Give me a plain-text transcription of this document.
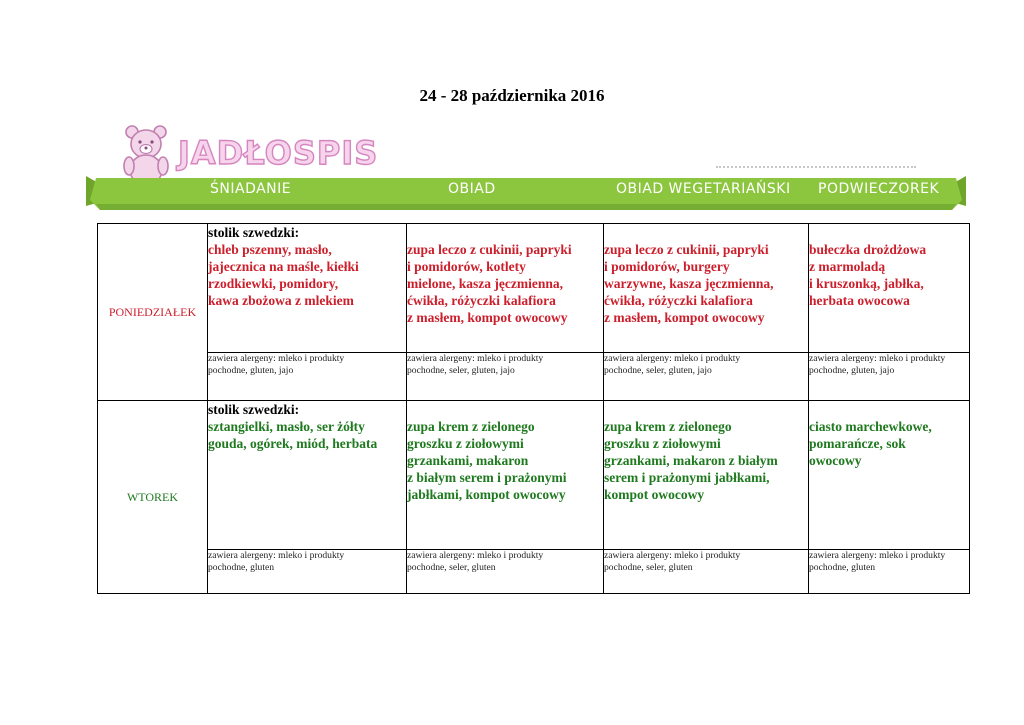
24 - 28 października 2016
JADŁOSPIS
ŚNIADANIE	OBIAD	OBIAD WEGETARIAŃSKI PODWIECZOREK
PONIEDZIAŁEK	stolik szwedzki:
chleb pszenny, masło,
jajecznica na maśle, kiełki
rzodkiewki, pomidory,
kawa zbożowa z mlekiem	zupa leczo z cukinii, papryki
i pomidorów, kotlety
mielone, kasza jęczmienna,
ćwikła, różyczki kalafiora
z masłem, kompot owocowy	zupa leczo z cukinii, papryki
i pomidorów, burgery
warzywne, kasza jęczmienna,
ćwikła, różyczki kalafiora
z masłem, kompot owocowy	bułeczka drożdżowa
z marmoladą
i kruszonką, jabłka,
herbata owocowa

	zawiera alergeny: mleko i produkty
pochodne, gluten, jajo	zawiera alergeny: mleko i produkty
pochodne, seler, gluten, jajo	zawiera alergeny: mleko i produkty
pochodne, seler, gluten, jajo	zawiera alergeny: mleko i produkty
pochodne, gluten, jajo

WTOREK	stolik szwedzki:
sztangielki, masło, ser żółty
gouda, ogórek, miód, herbata	zupa krem z zielonego
groszku z ziołowymi
grzankami, makaron
z białym serem i prażonymi
jabłkami, kompot owocowy	zupa krem z zielonego
groszku z ziołowymi
grzankami, makaron z białym
serem i prażonymi jabłkami,
kompot owocowy	ciasto marchewkowe,
pomarańcze, sok
owocowy

	zawiera alergeny: mleko i produkty
pochodne, gluten	zawiera alergeny: mleko i produkty
pochodne, seler, gluten	zawiera alergeny: mleko i produkty
pochodne, seler, gluten	zawiera alergeny: mleko i produkty
pochodne, gluten
